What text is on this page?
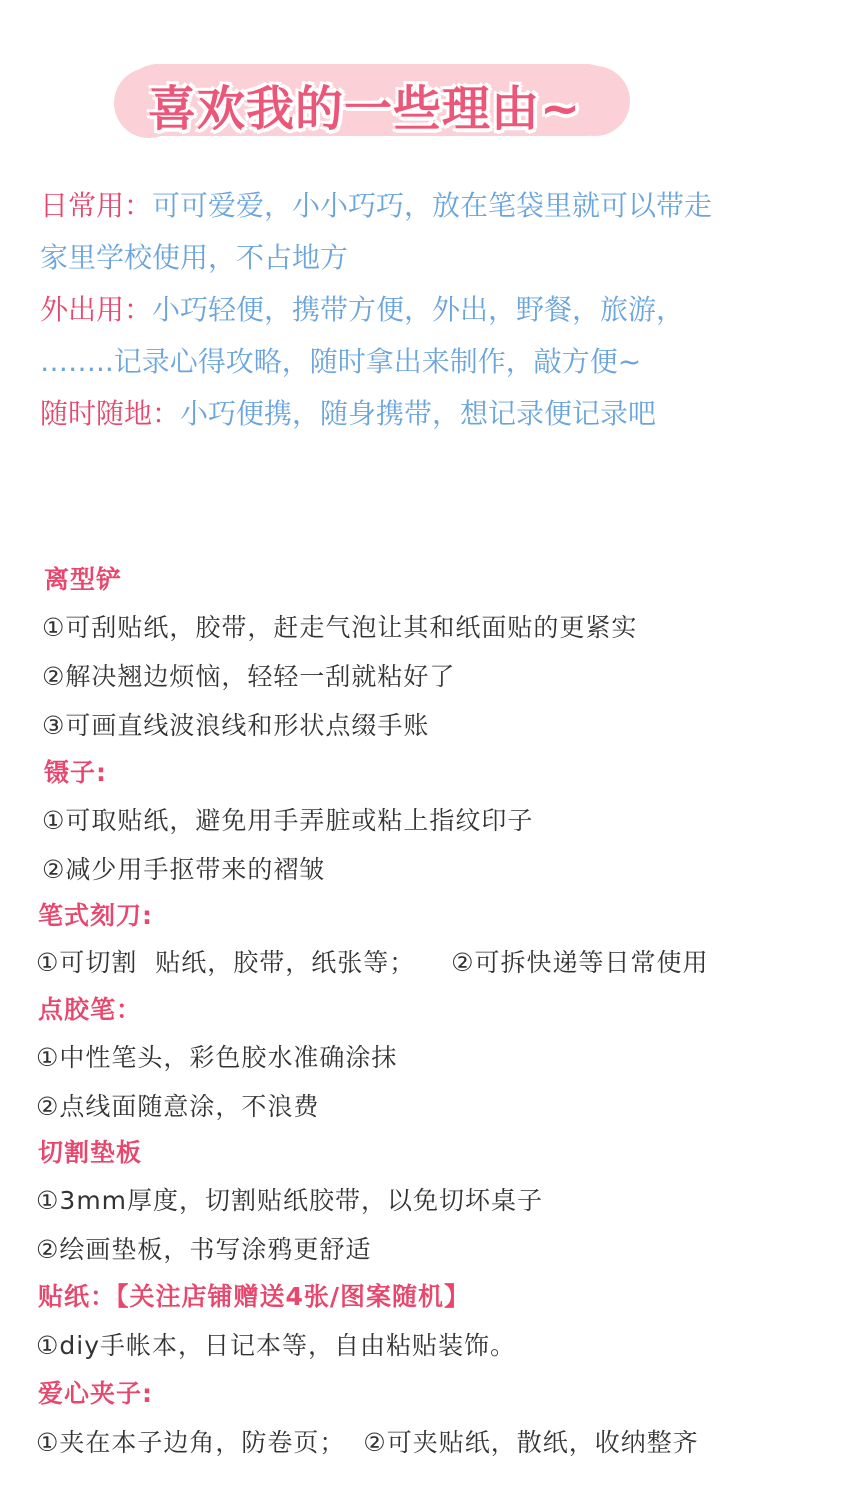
喜欢我的一些理由~
日常用：可可爱爱，小小巧巧，放在笔袋里就可以带走
家里学校使用，不占地方
外出用：小巧轻便，携带方便，外出，野餐，旅游，
……..记录心得攻略，随时拿出来制作，敲方便~
随时随地：小巧便携，随身携带，想记录便记录吧
离型铲
①可刮贴纸，胶带，赶走气泡让其和纸面贴的更紧实
②解决翘边烦恼，轻轻一刮就粘好了
③可画直线波浪线和形状点缀手账
镊子:
①可取贴纸，避免用手弄脏或粘上指纹印子
②减少用手抠带来的褶皱
笔式刻刀:
①可切割  贴纸，胶带，纸张等；    ②可拆快递等日常使用
点胶笔：
①中性笔头，彩色胶水准确涂抹
②点线面随意涂，不浪费
切割垫板
①3mm厚度，切割贴纸胶带，以免切坏桌子
②绘画垫板，书写涂鸦更舒适
贴纸：【关注店铺赠送4张/图案随机】
①diy手帐本，日记本等，自由粘贴装饰。
爱心夹子:
①夹在本子边角，防卷页；  ②可夹贴纸，散纸，收纳整齐
